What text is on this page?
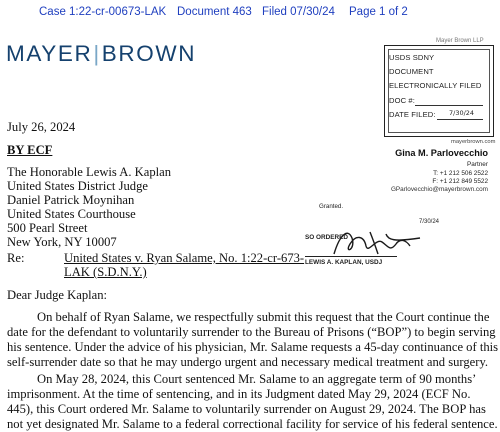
Case 1:22-cr-00673-LAK Document 463 Filed 07/30/24 Page 1 of 2
MAYER|BROWN	Mayer Brown LLP
USDS SDNY
DOCUMENT
ELECTRONICALLY FILED
DOC #:
DATE FILED: 7/30/24
mayerbrown.com
July 26, 2024
BY ECF
The Honorable Lewis A. Kaplan
United States District Judge
Daniel Patrick Moynihan
United States Courthouse
500 Pearl Street
New York, NY 10007
Gina M. Parlovecchio
Partner
T: +1 212 506 2522
F: +1 212 849 5522
GParlovecchio@mayerbrown.com
Granted.
7/30/24
SO ORDERED
LEWIS A. KAPLAN, USDJ
Re:	United States v. Ryan Salame, No. 1:22-cr-673-
LAK (S.D.N.Y.)
Dear Judge Kaplan:
On behalf of Ryan Salame, we respectfully submit this request that the Court continue the date for the defendant to voluntarily surrender to the Bureau of Prisons (“BOP”) to begin serving his sentence. Under the advice of his physician, Mr. Salame requests a 45-day continuance of this self-surrender date so that he may undergo urgent and necessary medical treatment and surgery.
On May 28, 2024, this Court sentenced Mr. Salame to an aggregate term of 90 months’ imprisonment. At the time of sentencing, and in its Judgment dated May 29, 2024 (ECF No. 445), this Court ordered Mr. Salame to voluntarily surrender on August 29, 2024. The BOP has not yet designated Mr. Salame to a federal correctional facility for service of his federal sentence.
